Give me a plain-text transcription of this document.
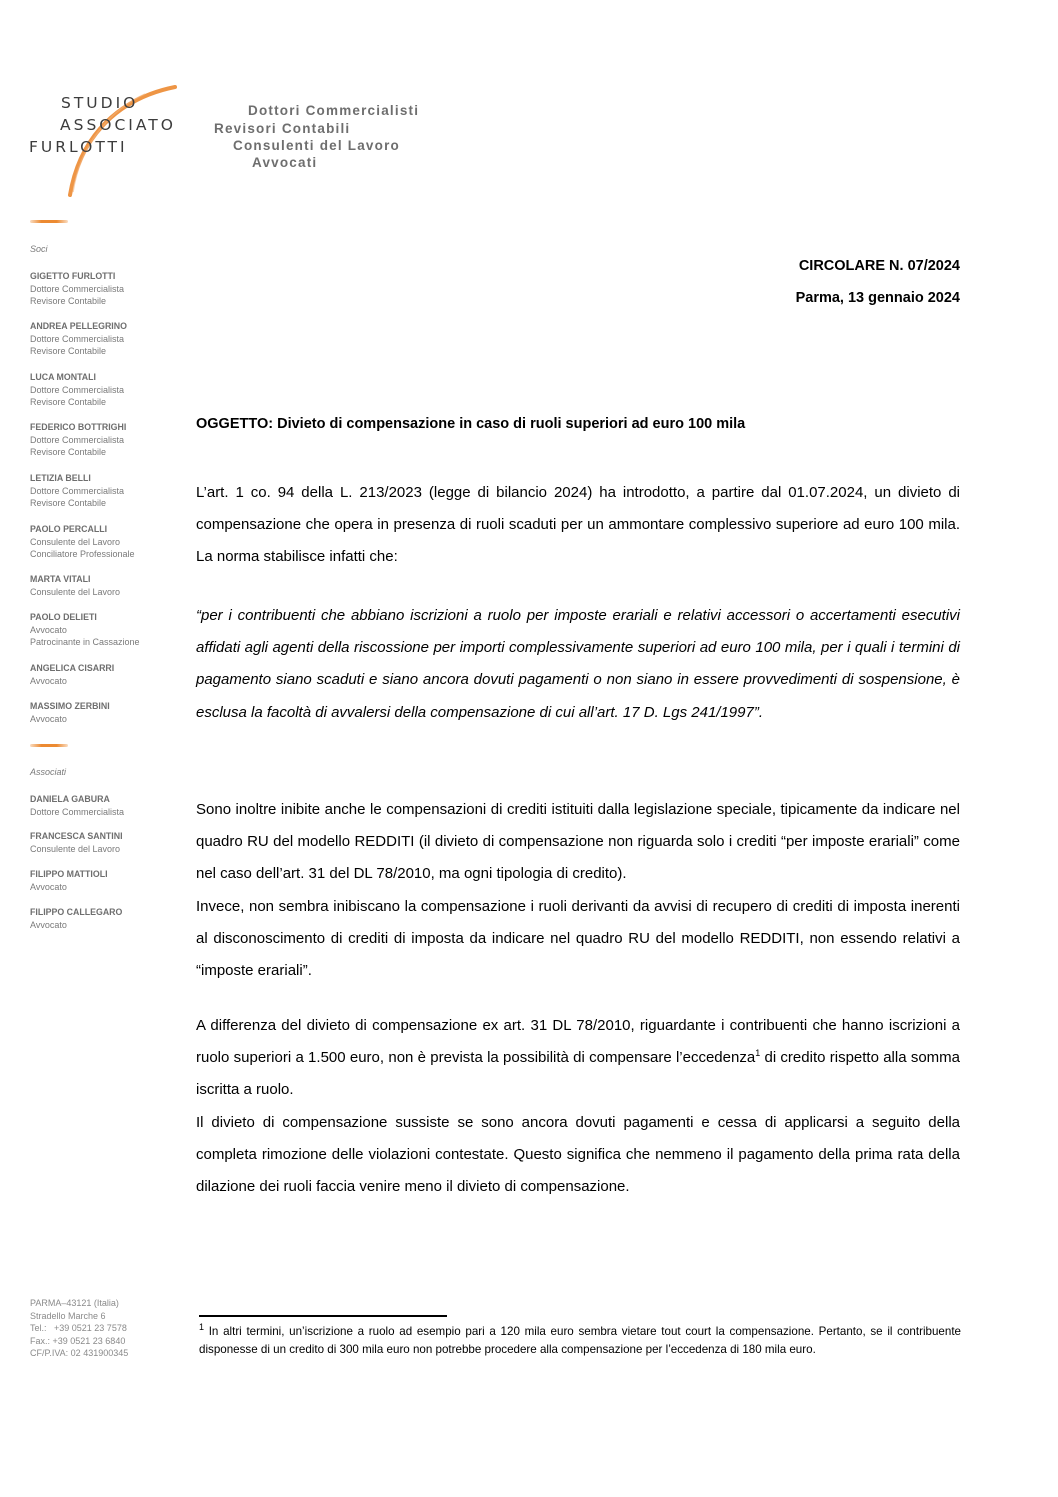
STUDIO
ASSOCIATO
FURLOTTI
Dottori Commercialisti
Revisori Contabili
Consulenti del Lavoro
Avvocati
Soci
GIGETTO FURLOTTI
Dottore Commercialista
Revisore Contabile
ANDREA PELLEGRINO
Dottore Commercialista
Revisore Contabile
LUCA MONTALI
Dottore Commercialista
Revisore Contabile
FEDERICO BOTTRIGHI
Dottore Commercialista
Revisore Contabile
LETIZIA BELLI
Dottore Commercialista
Revisore Contabile
PAOLO PERCALLI
Consulente del Lavoro
Conciliatore Professionale
MARTA VITALI
Consulente del Lavoro
PAOLO DELIETI
Avvocato
Patrocinante in Cassazione
ANGELICA CISARRI
Avvocato
MASSIMO ZERBINI
Avvocato
Associati
DANIELA GABURA
Dottore Commercialista
FRANCESCA SANTINI
Consulente del Lavoro
FILIPPO MATTIOLI
Avvocato
FILIPPO CALLEGARO
Avvocato
PARMA–43121 (Italia)
Stradello Marche 6
Tel.:   +39 0521 23 7578
Fax.: +39 0521 23 6840
CF/P.IVA: 02 431900345
CIRCOLARE N. 07/2024
Parma, 13 gennaio 2024
OGGETTO: Divieto di compensazione in caso di ruoli superiori ad euro 100 mila
L’art. 1 co. 94 della L. 213/2023 (legge di bilancio 2024) ha introdotto, a partire dal 01.07.2024, un divieto di compensazione che opera in presenza di ruoli scaduti per un ammontare complessivo superiore ad euro 100 mila. La norma stabilisce infatti che:
“per i contribuenti che abbiano iscrizioni a ruolo per imposte erariali e relativi accessori o accertamenti esecutivi affidati agli agenti della riscossione per importi complessivamente superiori ad euro 100 mila, per i quali i termini di pagamento siano scaduti e siano ancora dovuti pagamenti o non siano in essere provvedimenti di sospensione, è esclusa la facoltà di avvalersi della compensazione di cui all’art. 17 D. Lgs 241/1997”.
Sono inoltre inibite anche le compensazioni di crediti istituiti dalla legislazione speciale, tipicamente da indicare nel quadro RU del modello REDDITI (il divieto di compensazione non riguarda solo i crediti “per imposte erariali” come nel caso dell’art. 31 del DL 78/2010, ma ogni tipologia di credito).
Invece, non sembra inibiscano la compensazione i ruoli derivanti da avvisi di recupero di crediti di imposta inerenti al disconoscimento di crediti di imposta da indicare nel quadro RU del modello REDDITI, non essendo relativi a “imposte erariali”.
A differenza del divieto di compensazione ex art. 31 DL 78/2010, riguardante i contribuenti che hanno iscrizioni a ruolo superiori a 1.500 euro, non è prevista la possibilità di compensare l’eccedenza$^1$ di credito rispetto alla somma iscritta a ruolo.
Il divieto di compensazione sussiste se sono ancora dovuti pagamenti e cessa di applicarsi a seguito della completa rimozione delle violazioni contestate. Questo significa che nemmeno il pagamento della prima rata della dilazione dei ruoli faccia venire meno il divieto di compensazione.
$^1$ In altri termini, un’iscrizione a ruolo ad esempio pari a 120 mila euro sembra vietare tout court la compensazione. Pertanto, se il contribuente disponesse di un credito di 300 mila euro non potrebbe procedere alla compensazione per l’eccedenza di 180 mila euro.
